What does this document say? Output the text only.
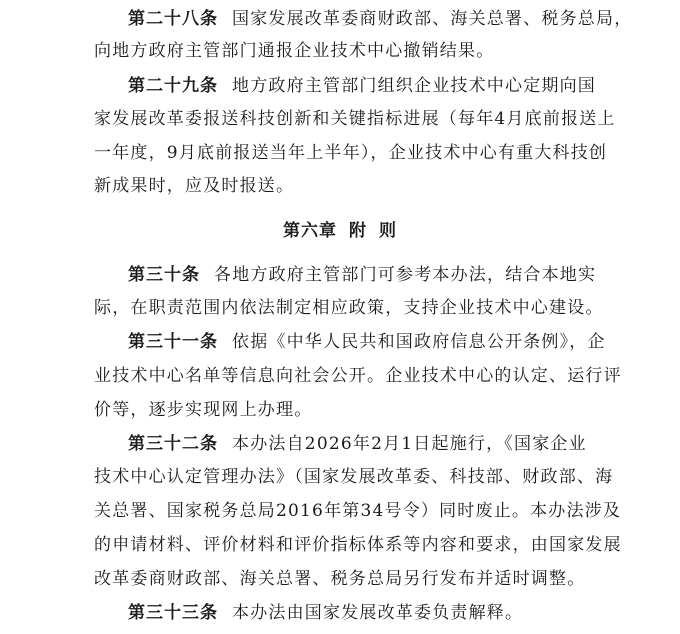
第二十八条 国家发展改革委商财政部、海关总署、税务总局，
向地方政府主管部门通报企业技术中心撤销结果。
第二十九条 地方政府主管部门组织企业技术中心定期向国
家发展改革委报送科技创新和关键指标进展（每年4月底前报送上
一年度，9月底前报送当年上半年），企业技术中心有重大科技创
新成果时，应及时报送。
第六章 附 则
第三十条 各地方政府主管部门可参考本办法，结合本地实
际，在职责范围内依法制定相应政策，支持企业技术中心建设。
第三十一条 依据《中华人民共和国政府信息公开条例》，企
业技术中心名单等信息向社会公开。企业技术中心的认定、运行评
价等，逐步实现网上办理。
第三十二条 本办法自2026年2月1日起施行，《国家企业
技术中心认定管理办法》（国家发展改革委、科技部、财政部、海
关总署、国家税务总局2016年第34号令）同时废止。本办法涉及
的申请材料、评价材料和评价指标体系等内容和要求，由国家发展
改革委商财政部、海关总署、税务总局另行发布并适时调整。
第三十三条 本办法由国家发展改革委负责解释。
